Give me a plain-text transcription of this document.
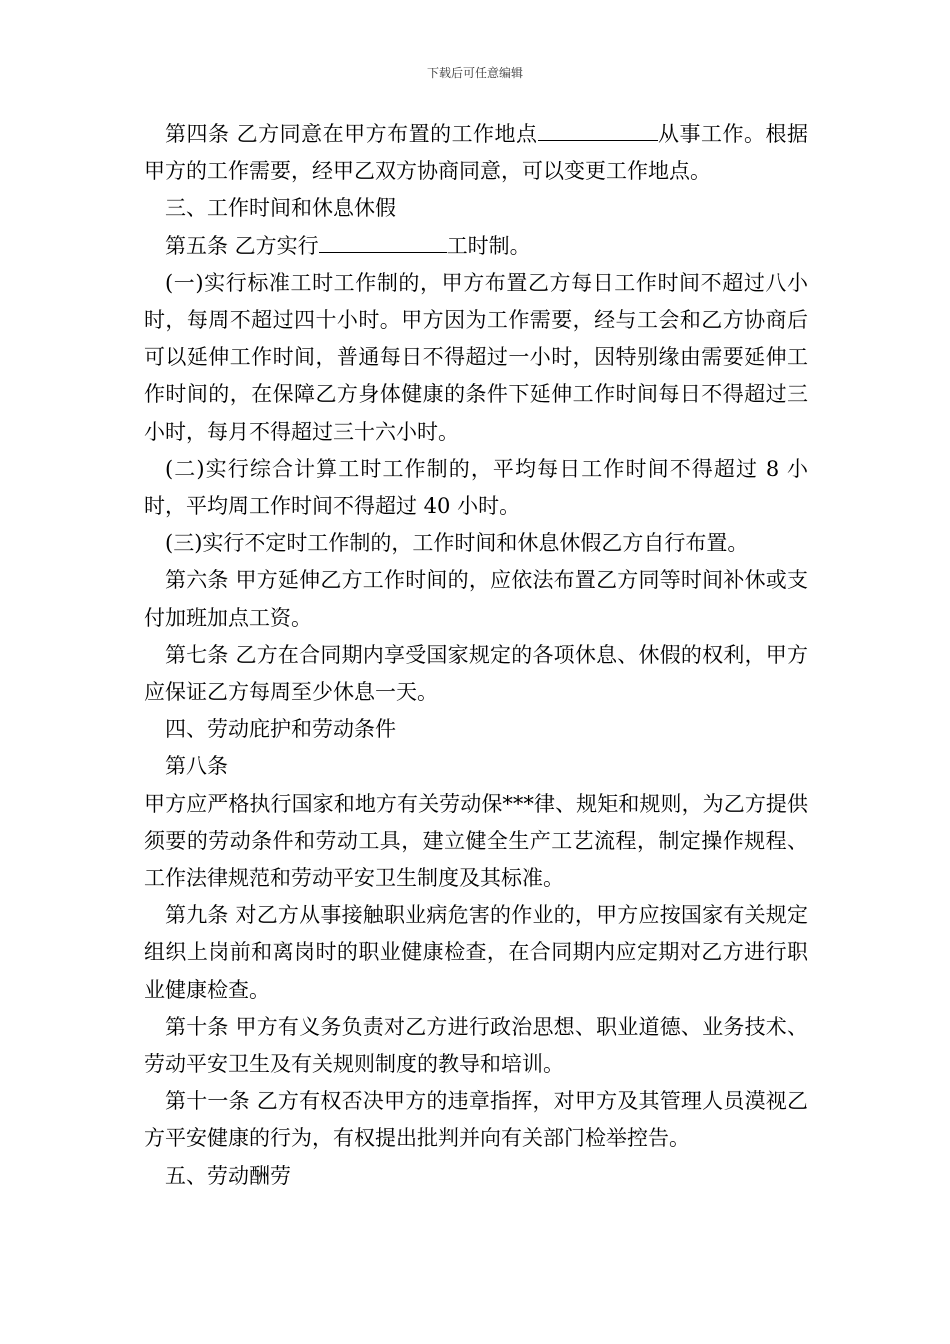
下载后可任意编辑

第四条 乙方同意在甲方布置的工作地点	从事工作。根据甲方的工作需要，经甲乙双方协商同意，可以变更工作地点。

三、工作时间和休息休假

第五条 乙方实行	工时制。

(一)实行标准工时工作制的，甲方布置乙方每日工作时间不超过八小时，每周不超过四十小时。甲方因为工作需要，经与工会和乙方协商后可以延伸工作时间，普通每日不得超过一小时，因特别缘由需要延伸工作时间的，在保障乙方身体健康的条件下延伸工作时间每日不得超过三小时，每月不得超过三十六小时。

(二)实行综合计算工时工作制的，平均每日工作时间不得超过 8 小时，平均周工作时间不得超过 40 小时。

(三)实行不定时工作制的，工作时间和休息休假乙方自行布置。

第六条 甲方延伸乙方工作时间的，应依法布置乙方同等时间补休或支付加班加点工资。

第七条 乙方在合同期内享受国家规定的各项休息、休假的权利，甲方应保证乙方每周至少休息一天。

四、劳动庇护和劳动条件

第八条

甲方应严格执行国家和地方有关劳动保***律、规矩和规则，为乙方提供须要的劳动条件和劳动工具，建立健全生产工艺流程，制定操作规程、工作法律规范和劳动平安卫生制度及其标准。

第九条 对乙方从事接触职业病危害的作业的，甲方应按国家有关规定组织上岗前和离岗时的职业健康检查，在合同期内应定期对乙方进行职业健康检查。

第十条 甲方有义务负责对乙方进行政治思想、职业道德、业务技术、劳动平安卫生及有关规则制度的教导和培训。

第十一条 乙方有权否决甲方的违章指挥，对甲方及其管理人员漠视乙方平安健康的行为，有权提出批判并向有关部门检举控告。

五、劳动酬劳
